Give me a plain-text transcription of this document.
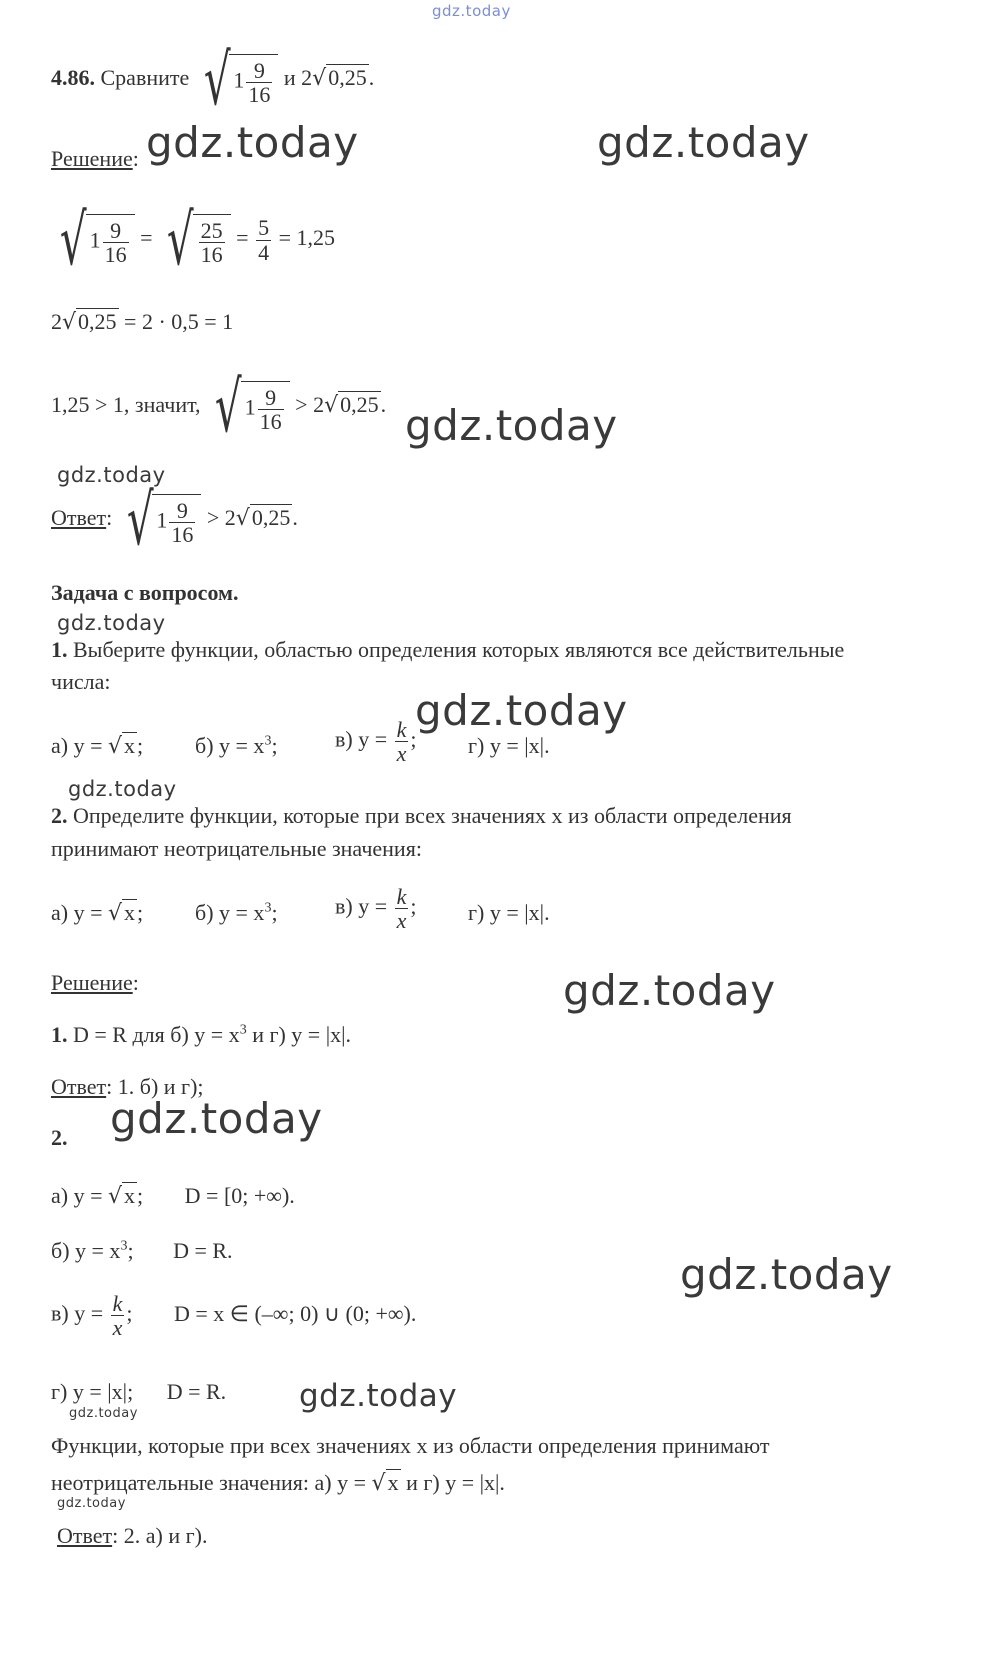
gdz.today
4.86. Сравните √ $1 \frac{9}{16}$ и 2√0,25.
Решение: gdz.today	gdz.today
√ $1 \frac{9}{16}$ = √ $\frac{25}{16} = \frac{5}{4} = 1,25$
2√0,25 = 2 · 0,5 = 1
1,25 > 1, значит, √ $1 \frac{9}{16} > 2√0,25$. gdz.today
gdz.today
Ответ: √ $1 \frac{9}{16} > 2√0,25$.
Задача с вопросом.
gdz.today
1. Выберите функции, областью определения которых являются все действительные
числа:
gdz.today
а) y = √x; б) $y = x^3$;	в) $y = \frac{k}{x}$ ; г) y = |x|.
gdz.today
2. Определите функции, которые при всех значениях x из области определения
принимают неотрицательные значения:
а) y = √x; б) $y = x^3$;	в) $y = \frac{k}{x}$ ; г) y = |x|.
Решение:	gdz.today
1. D = R для б) $y = x^3$ и г) y = |x|.
Ответ: 1. б) и г);
2. gdz.today
а) y = √x; D = [0; +∞).
б) $y = x^3$; D = R.	gdz.today
в) $y = \frac{k}{x}$ ; D = x ∈ (–∞; 0) ∪ (0; +∞).
г) y = |x|; D = R. gdz.today
gdz.today
Функции, которые при всех значениях x из области определения принимают
неотрицательные значения: а) y = √x и г) y = |x|.
gdz.today
Ответ: 2. а) и г).
